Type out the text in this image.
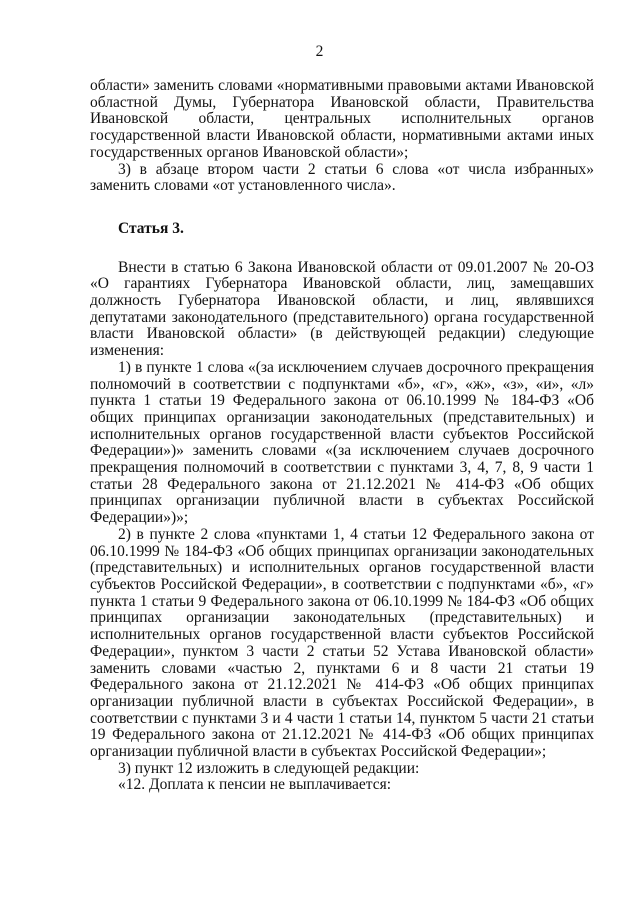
2

области» заменить словами «нормативными правовыми актами Ивановской областной Думы, Губернатора Ивановской области, Правительства Ивановской области, центральных исполнительных органов государственной власти Ивановской области, нормативными актами иных государственных органов Ивановской области»;

3) в абзаце втором части 2 статьи 6 слова «от числа избранных» заменить словами «от установленного числа».

Статья 3.

Внести в статью 6 Закона Ивановской области от 09.01.2007 № 20-ОЗ «О гарантиях Губернатора Ивановской области, лиц, замещавших должность Губернатора Ивановской области, и лиц, являвшихся депутатами законодательного (представительного) органа государственной власти Ивановской области» (в действующей редакции) следующие изменения:

1) в пункте 1 слова «(за исключением случаев досрочного прекращения полномочий в соответствии с подпунктами «б», «г», «ж», «з», «и», «л» пункта 1 статьи 19 Федерального закона от 06.10.1999 № 184-ФЗ «Об общих принципах организации законодательных (представительных) и исполнительных органов государственной власти субъектов Российской Федерации»)» заменить словами «(за исключением случаев досрочного прекращения полномочий в соответствии с пунктами 3, 4, 7, 8, 9 части 1 статьи 28 Федерального закона от 21.12.2021 № 414-ФЗ «Об общих принципах организации публичной власти в субъектах Российской Федерации»)»;

2) в пункте 2 слова «пунктами 1, 4 статьи 12 Федерального закона от 06.10.1999 № 184-ФЗ «Об общих принципах организации законодательных (представительных) и исполнительных органов государственной власти субъектов Российской Федерации», в соответствии с подпунктами «б», «г» пункта 1 статьи 9 Федерального закона от 06.10.1999 № 184-ФЗ «Об общих принципах организации законодательных (представительных) и исполнительных органов государственной власти субъектов Российской Федерации», пунктом 3 части 2 статьи 52 Устава Ивановской области» заменить словами «частью 2, пунктами 6 и 8 части 21 статьи 19 Федерального закона от 21.12.2021 № 414-ФЗ «Об общих принципах организации публичной власти в субъектах Российской Федерации», в соответствии с пунктами 3 и 4 части 1 статьи 14, пунктом 5 части 21 статьи 19 Федерального закона от 21.12.2021 № 414-ФЗ «Об общих принципах организации публичной власти в субъектах Российской Федерации»;

3) пункт 12 изложить в следующей редакции:

«12. Доплата к пенсии не выплачивается:
